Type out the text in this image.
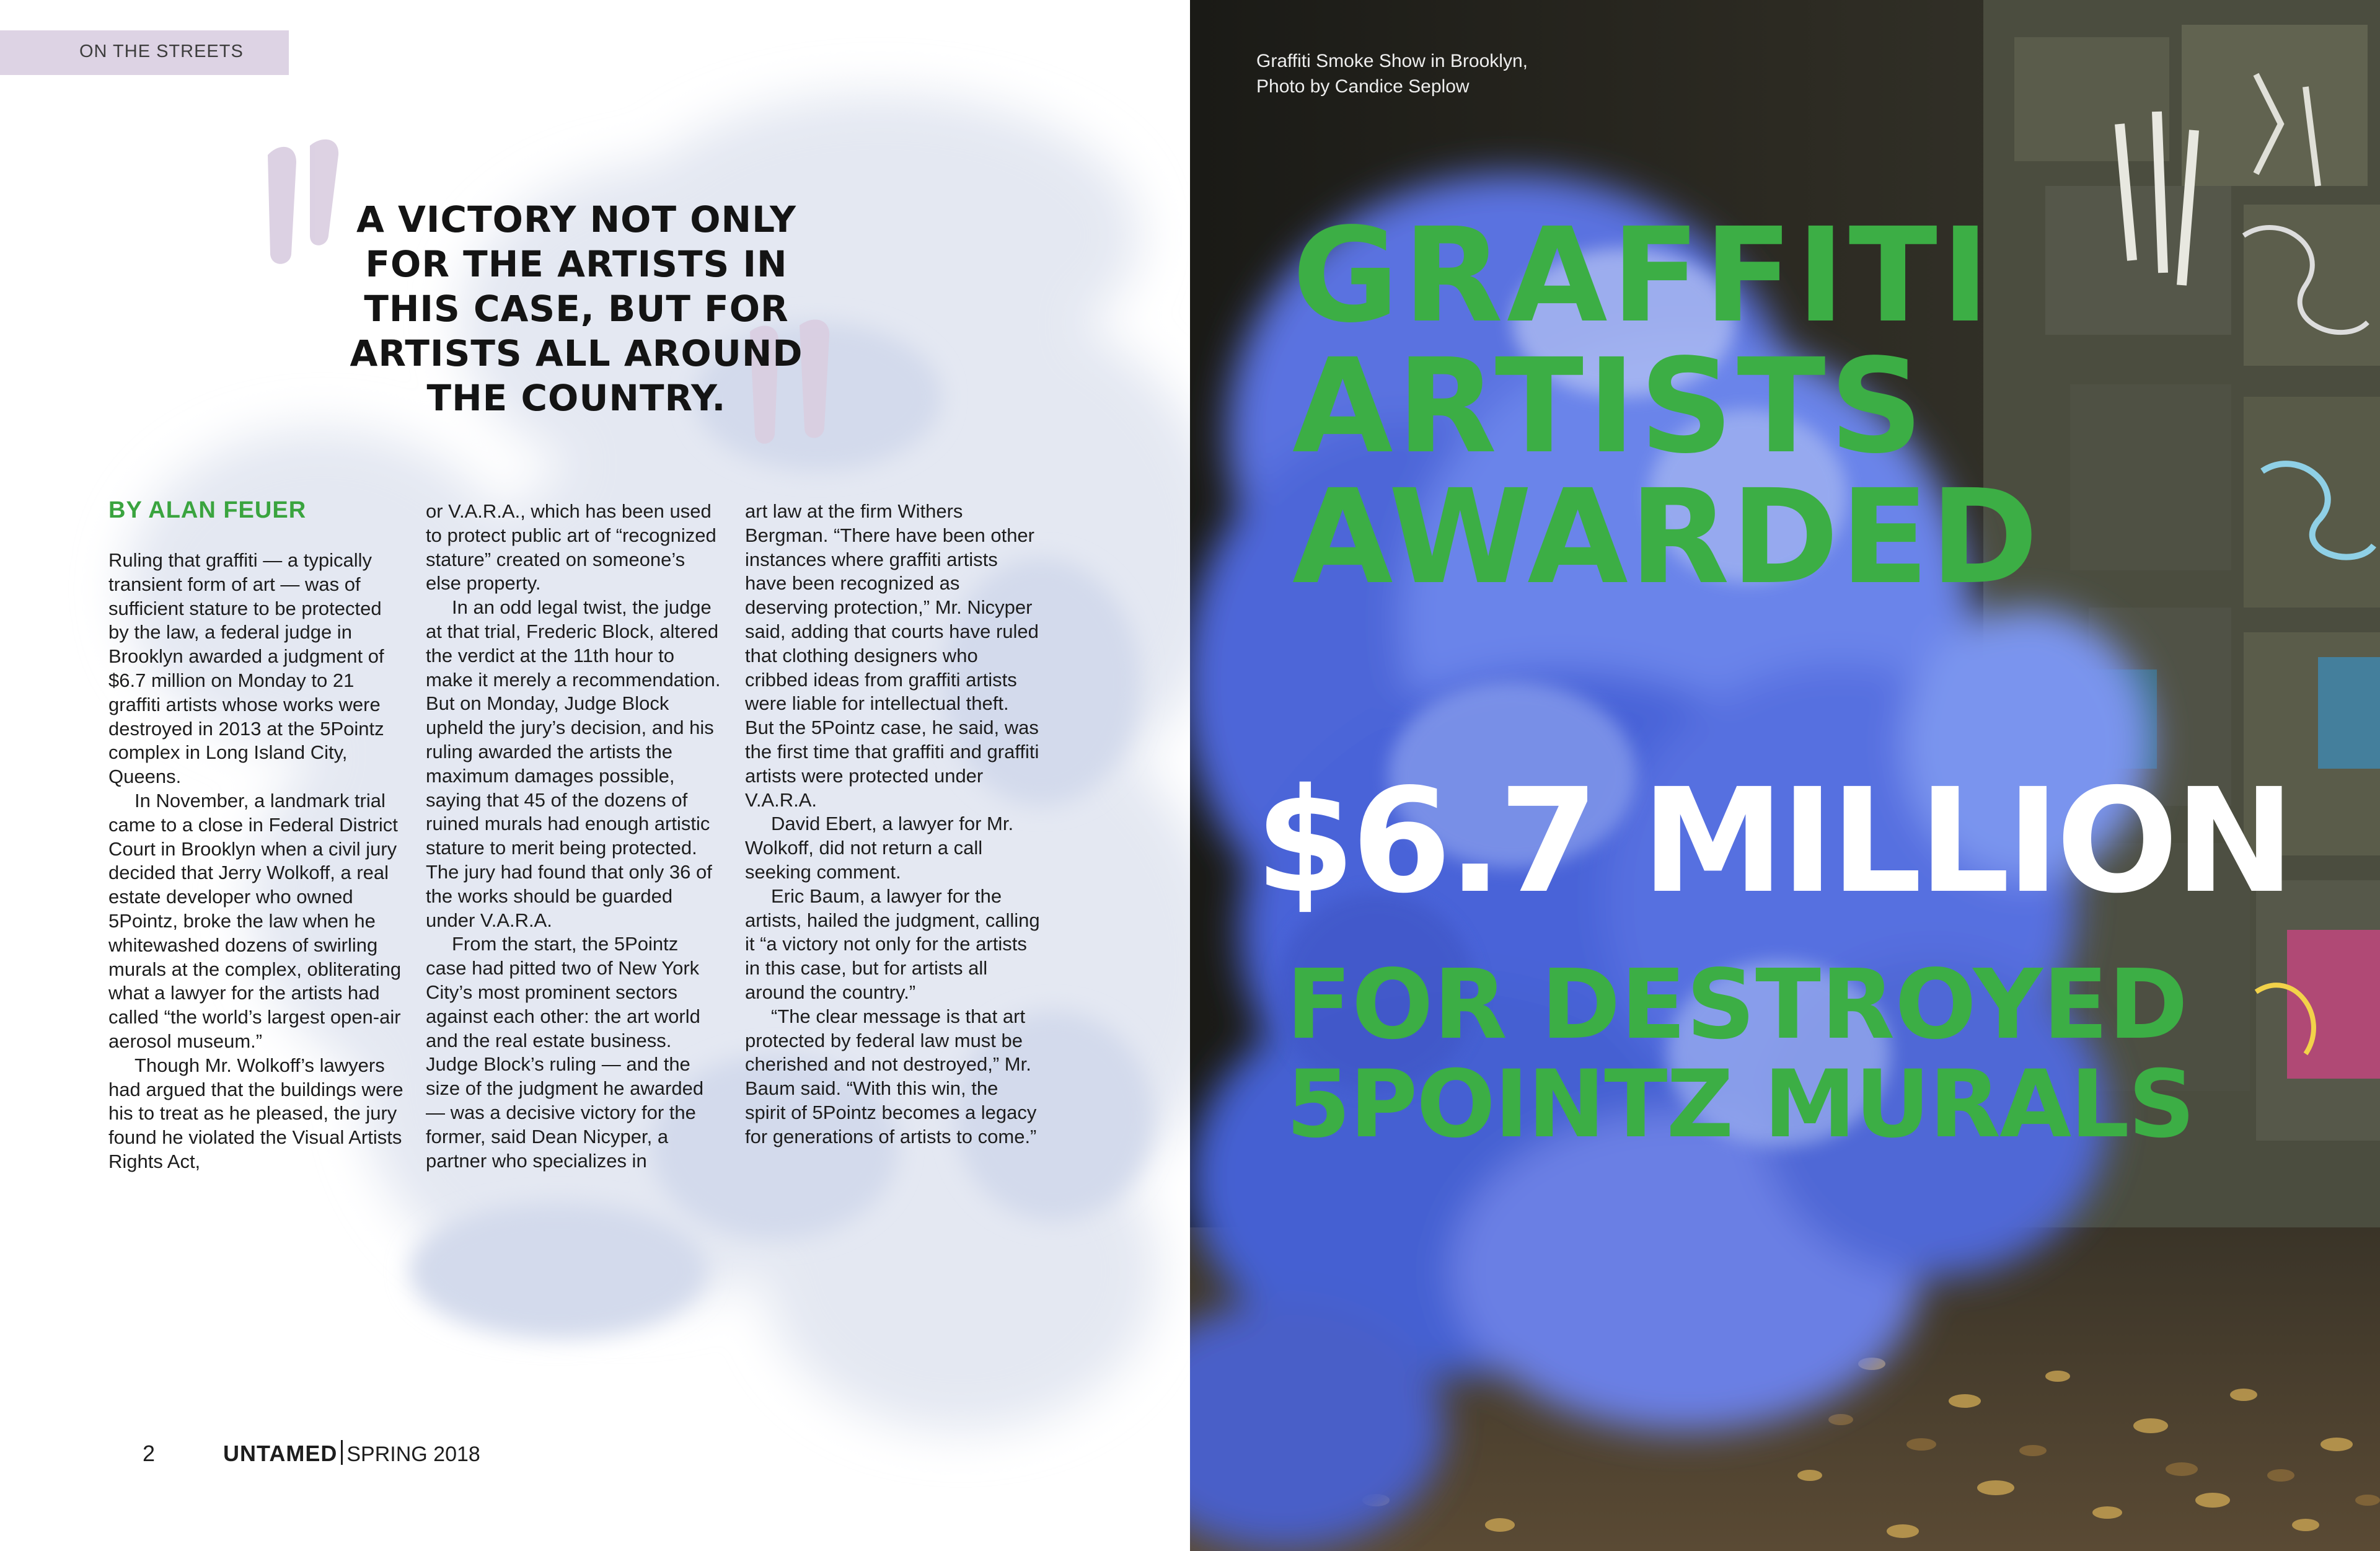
ON THE STREETS
A VICTORY NOT ONLY FOR THE ARTISTS IN THIS CASE, BUT FOR ARTISTS ALL AROUND THE COUNTRY.
BY ALAN FEUER

Ruling that graffiti — a typically transient form of art — was of sufficient stature to be protected by the law, a federal judge in Brooklyn awarded a judgment of $6.7 million on Monday to 21 graffiti artists whose works were destroyed in 2013 at the 5Pointz complex in Long Island City, Queens.

In November, a landmark trial came to a close in Federal District Court in Brooklyn when a civil jury decided that Jerry Wolkoff, a real estate developer who owned 5Pointz, broke the law when he whitewashed dozens of swirling murals at the complex, obliterating what a lawyer for the artists had called “the world’s largest open-air aerosol museum.”

Though Mr. Wolkoff’s lawyers had argued that the buildings were his to treat as he pleased, the jury found he violated the Visual Artists Rights Act,

or V.A.R.A., which has been used to protect public art of “recognized stature” created on someone’s else property.

In an odd legal twist, the judge at that trial, Frederic Block, altered the verdict at the 11th hour to make it merely a recommendation. But on Monday, Judge Block upheld the jury’s decision, and his ruling awarded the artists the maximum damages possible, saying that 45 of the dozens of ruined murals had enough artistic stature to merit being protected. The jury had found that only 36 of the works should be guarded under V.A.R.A.

From the start, the 5Pointz case had pitted two of New York City’s most prominent sectors against each other: the art world and the real estate business. Judge Block’s ruling — and the size of the judgment he awarded — was a decisive victory for the former, said Dean Nicyper, a partner who specializes in

art law at the firm Withers Bergman. “There have been other instances where graffiti artists have been recognized as deserving protection,” Mr. Nicyper said, adding that courts have ruled that clothing designers who cribbed ideas from graffiti artists were liable for intellectual theft. But the 5Pointz case, he said, was the first time that graffiti and graffiti artists were protected under V.A.R.A.

David Ebert, a lawyer for Mr. Wolkoff, did not return a call seeking comment.

Eric Baum, a lawyer for the artists, hailed the judgment, calling it “a victory not only for the artists in this case, but for artists all around the country.”

“The clear message is that art protected by federal law must be cherished and not destroyed,” Mr. Baum said. “With this win, the spirit of 5Pointz becomes a legacy for generations of artists to come.”

2	UNTAMED SPRING 2018
Graffiti Smoke Show in Brooklyn,
Photo by Candice Seplow
GRAFFITI
ARTISTS
AWARDED
$6.7 MILLION
FOR DESTROYED
5POINTZ MURALS
